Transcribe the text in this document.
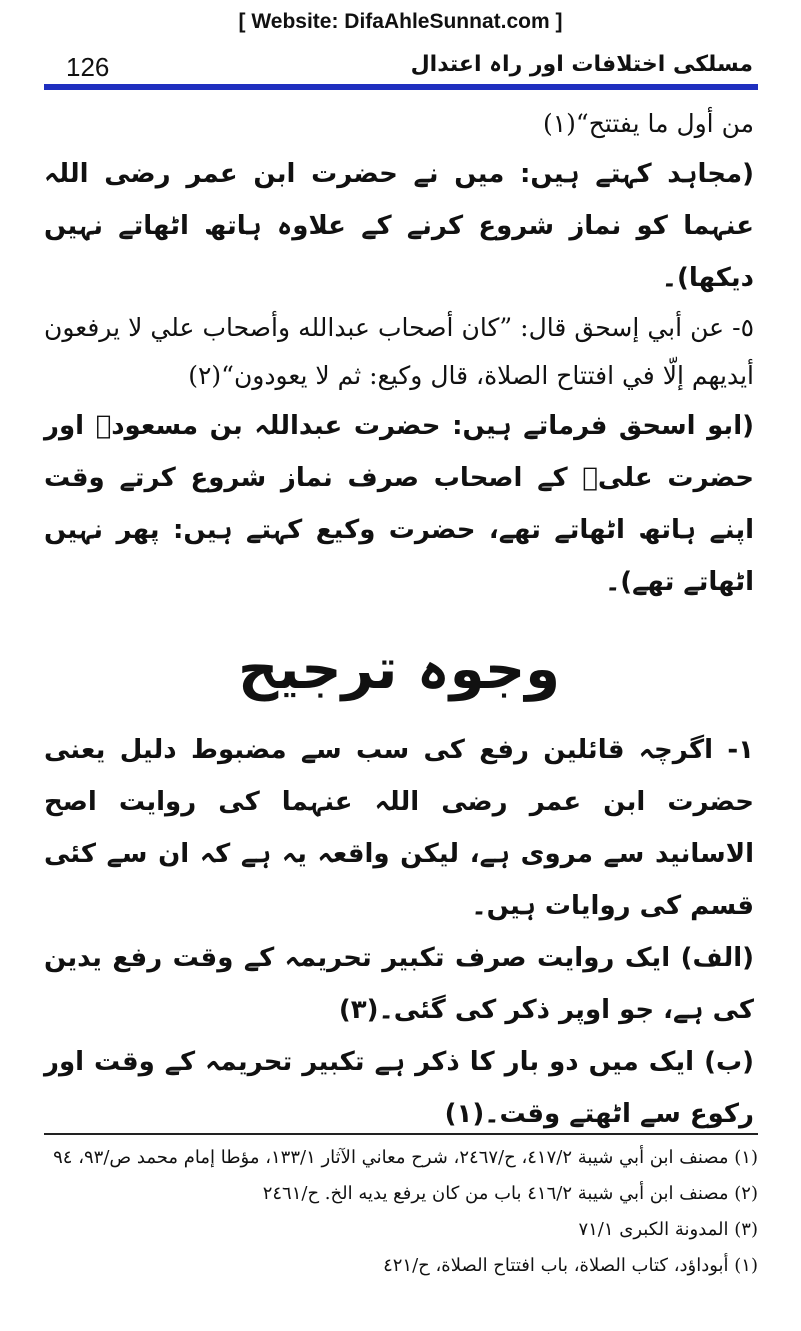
[ Website: DifaAhleSunnat.com ]
126	مسلکی اختلافات اور راہ اعتدال

من أول ما يفتتح“(١)

(مجاہد کہتے ہیں: میں نے حضرت ابن عمر رضی اللہ عنہما کو نماز شروع کرنے کے علاوہ ہاتھ اٹھاتے نہیں دیکھا)۔

٥- عن أبي إسحق قال: ”كان أصحاب عبدالله وأصحاب علي لا يرفعون أيديهم إلّا في افتتاح الصلاة، قال وكيع: ثم لا يعودون“(٢)

(ابو اسحق فرماتے ہیں: حضرت عبداللہ بن مسعودؓ اور حضرت علیؓ کے اصحاب صرف نماز شروع کرتے وقت اپنے ہاتھ اٹھاتے تھے، حضرت وکیع کہتے ہیں: پھر نہیں اٹھاتے تھے)۔

وجوہ ترجیح

١- اگرچہ قائلین رفع کی سب سے مضبوط دلیل یعنی حضرت ابن عمر رضی اللہ عنہما کی روایت اصح الاسانید سے مروی ہے، لیکن واقعہ یہ ہے کہ ان سے کئی قسم کی روایات ہیں۔

(الف) ایک روایت صرف تکبیر تحریمہ کے وقت رفع یدین کی ہے، جو اوپر ذکر کی گئی۔(٣)

(ب) ایک میں دو بار کا ذکر ہے تکبیر تحریمہ کے وقت اور رکوع سے اٹھتے وقت۔(١)

(١) مصنف ابن أبي شيبة ٤١٧/٢، ح/٢٤٦٧، شرح معاني الآثار ١٣٣/١، مؤطا إمام محمد ص/٩٣، ٩٤

(٢) مصنف ابن أبي شيبة ٤١٦/٢ باب من كان يرفع يديه الخ. ح/٢٤٦١

(٣) المدونة الكبرى ٧١/١

(١) أبوداؤد، كتاب الصلاة، باب افتتاح الصلاة، ح/٤٢١
